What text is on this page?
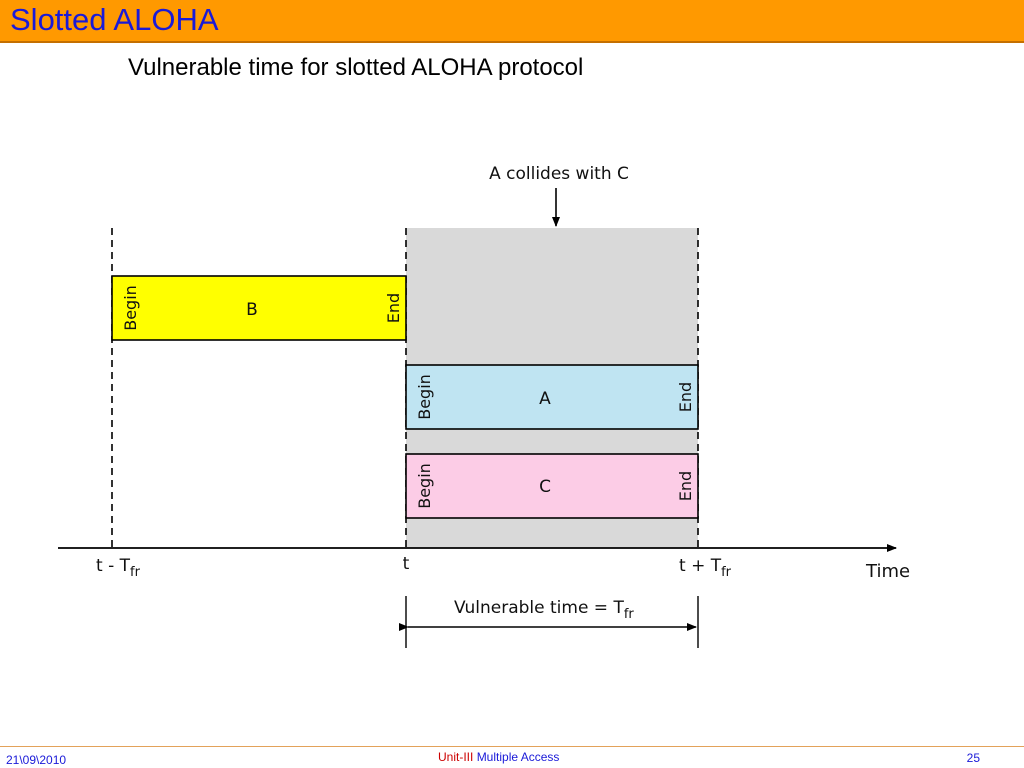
Slotted ALOHA
Vulnerable time for slotted ALOHA protocol
A collides with C
Begin	B	End
Begin	A	End
Begin	C	End
t - $T_{fr}$	t	$t + T_{fr}$	Time
Vulnerable time = $T_{fr}$
21\09\2010	Unit-III Multiple Access	25
